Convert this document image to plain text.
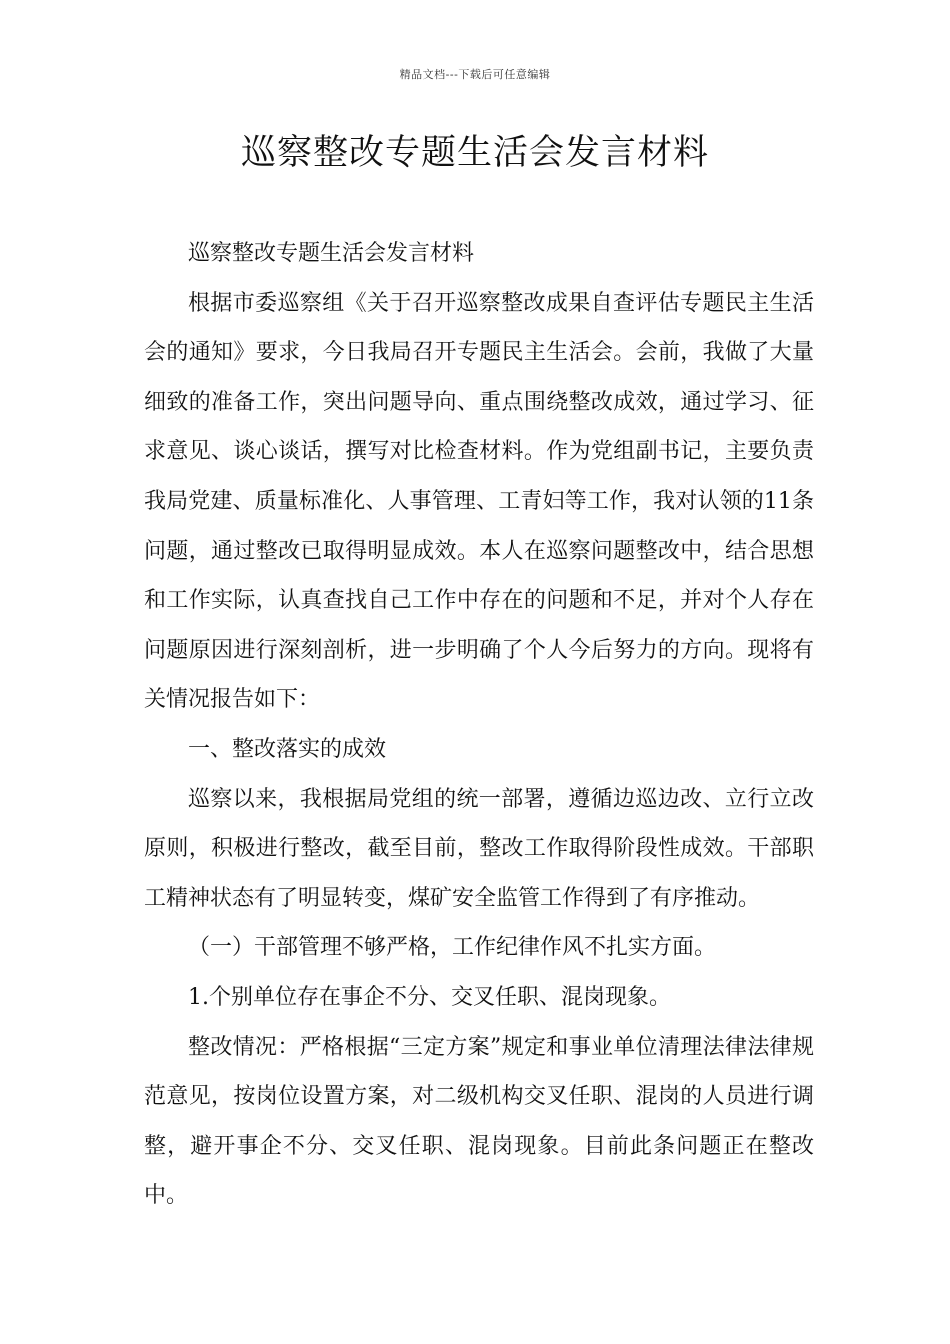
精品文档---下载后可任意编辑
巡察整改专题生活会发言材料

巡察整改专题生活会发言材料

根据市委巡察组《关于召开巡察整改成果自查评估专题民主生活会的通知》要求，今日我局召开专题民主生活会。会前，我做了大量细致的准备工作，突出问题导向、重点围绕整改成效，通过学习、征求意见、谈心谈话，撰写对比检查材料。作为党组副书记，主要负责我局党建、质量标准化、人事管理、工青妇等工作，我对认领的11条问题，通过整改已取得明显成效。本人在巡察问题整改中，结合思想和工作实际，认真查找自己工作中存在的问题和不足，并对个人存在问题原因进行深刻剖析，进一步明确了个人今后努力的方向。现将有关情况报告如下：

一、整改落实的成效

巡察以来，我根据局党组的统一部署，遵循边巡边改、立行立改原则，积极进行整改，截至目前，整改工作取得阶段性成效。干部职工精神状态有了明显转变，煤矿安全监管工作得到了有序推动。

（一）干部管理不够严格，工作纪律作风不扎实方面。

1.个别单位存在事企不分、交叉任职、混岗现象。

整改情况：严格根据“三定方案”规定和事业单位清理法律法律规范意见，按岗位设置方案，对二级机构交叉任职、混岗的人员进行调整，避开事企不分、交叉任职、混岗现象。目前此条问题正在整改中。
